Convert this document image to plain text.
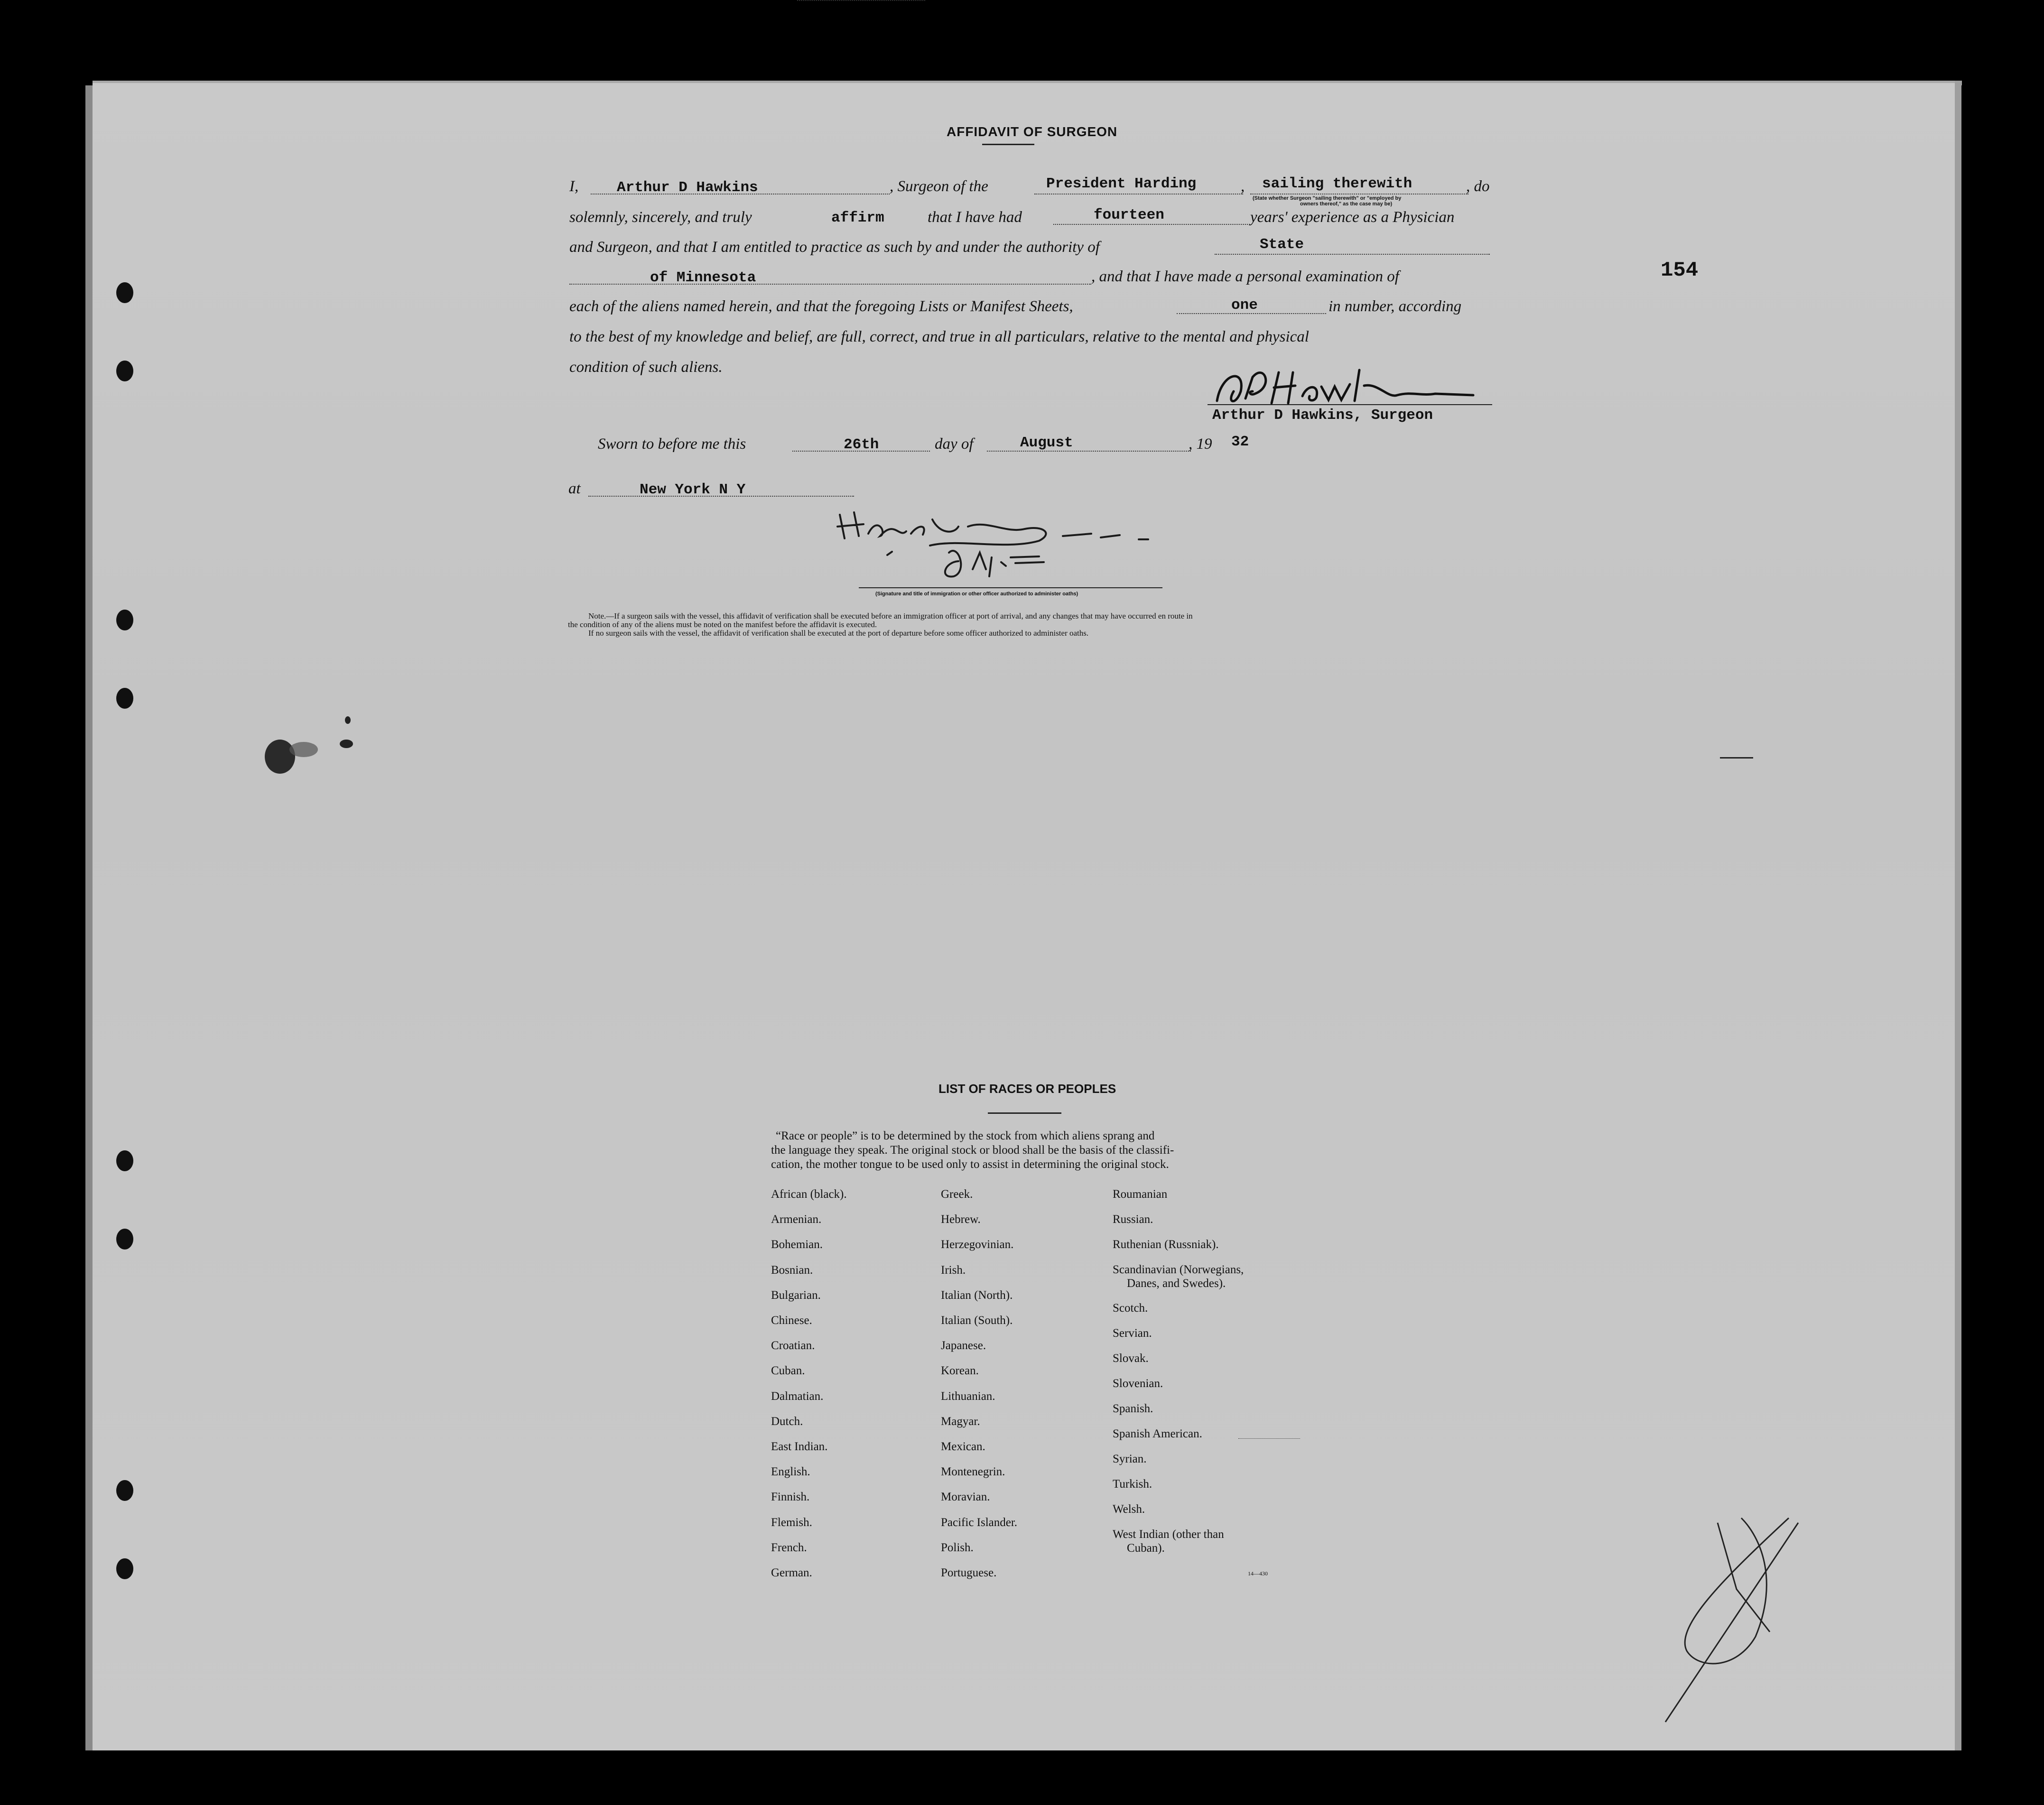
154
AFFIDAVIT OF SURGEON
I,	Arthur D Hawkins	, Surgeon of the	President Harding	, sailing therewith	, do
(State whether Surgeon "sailing therewith" or "employed by
owners thereof," as the case may be)
solemnly, sincerely, and truly	affirm	that I have had	fourteen	years' experience as a Physician
and Surgeon, and that I am entitled to practice as such by and under the authority of	State
of Minnesota	, and that I have made a personal examination of
each of the aliens named herein, and that the foregoing Lists or Manifest Sheets,	one	in number, according
to the best of my knowledge and belief, are full, correct, and true in all particulars, relative to the mental and physical
condition of such aliens.
Arthur D Hawkins, Surgeon
Sworn to before me this	26th	day of	August	, 19 32
at	New York N Y
(Signature and title of immigration or other officer authorized to administer oaths)
Note.—If a surgeon sails with the vessel, this affidavit of verification shall be executed before an immigration officer at port of arrival, and any changes that may have occurred en route in
the condition of any of the aliens must be noted on the manifest before the affidavit is executed.
If no surgeon sails with the vessel, the affidavit of verification shall be executed at the port of departure before some officer authorized to administer oaths.
LIST OF RACES OR PEOPLES
“Race or people” is to be determined by the stock from which aliens sprang and
the language they speak. The original stock or blood shall be the basis of the classifi-
cation, the mother tongue to be used only to assist in determining the original stock.
African (black).
Armenian.
Bohemian.
Bosnian.
Bulgarian.
Chinese.
Croatian.
Cuban.
Dalmatian.
Dutch.
East Indian.
English.
Finnish.
Flemish.
French.
German.
Greek.
Hebrew.
Herzegovinian.
Irish.
Italian (North).
Italian (South).
Japanese.
Korean.
Lithuanian.
Magyar.
Mexican.
Montenegrin.
Moravian.
Pacific Islander.
Polish.
Portuguese.
Roumanian
Russian.
Ruthenian (Russniak).
Scandinavian (Norwegians,
Danes, and Swedes).
Scotch.
Servian.
Slovak.
Slovenian.
Spanish.
Spanish American.
Syrian.
Turkish.
Welsh.
West Indian (other than
Cuban).
14—430
